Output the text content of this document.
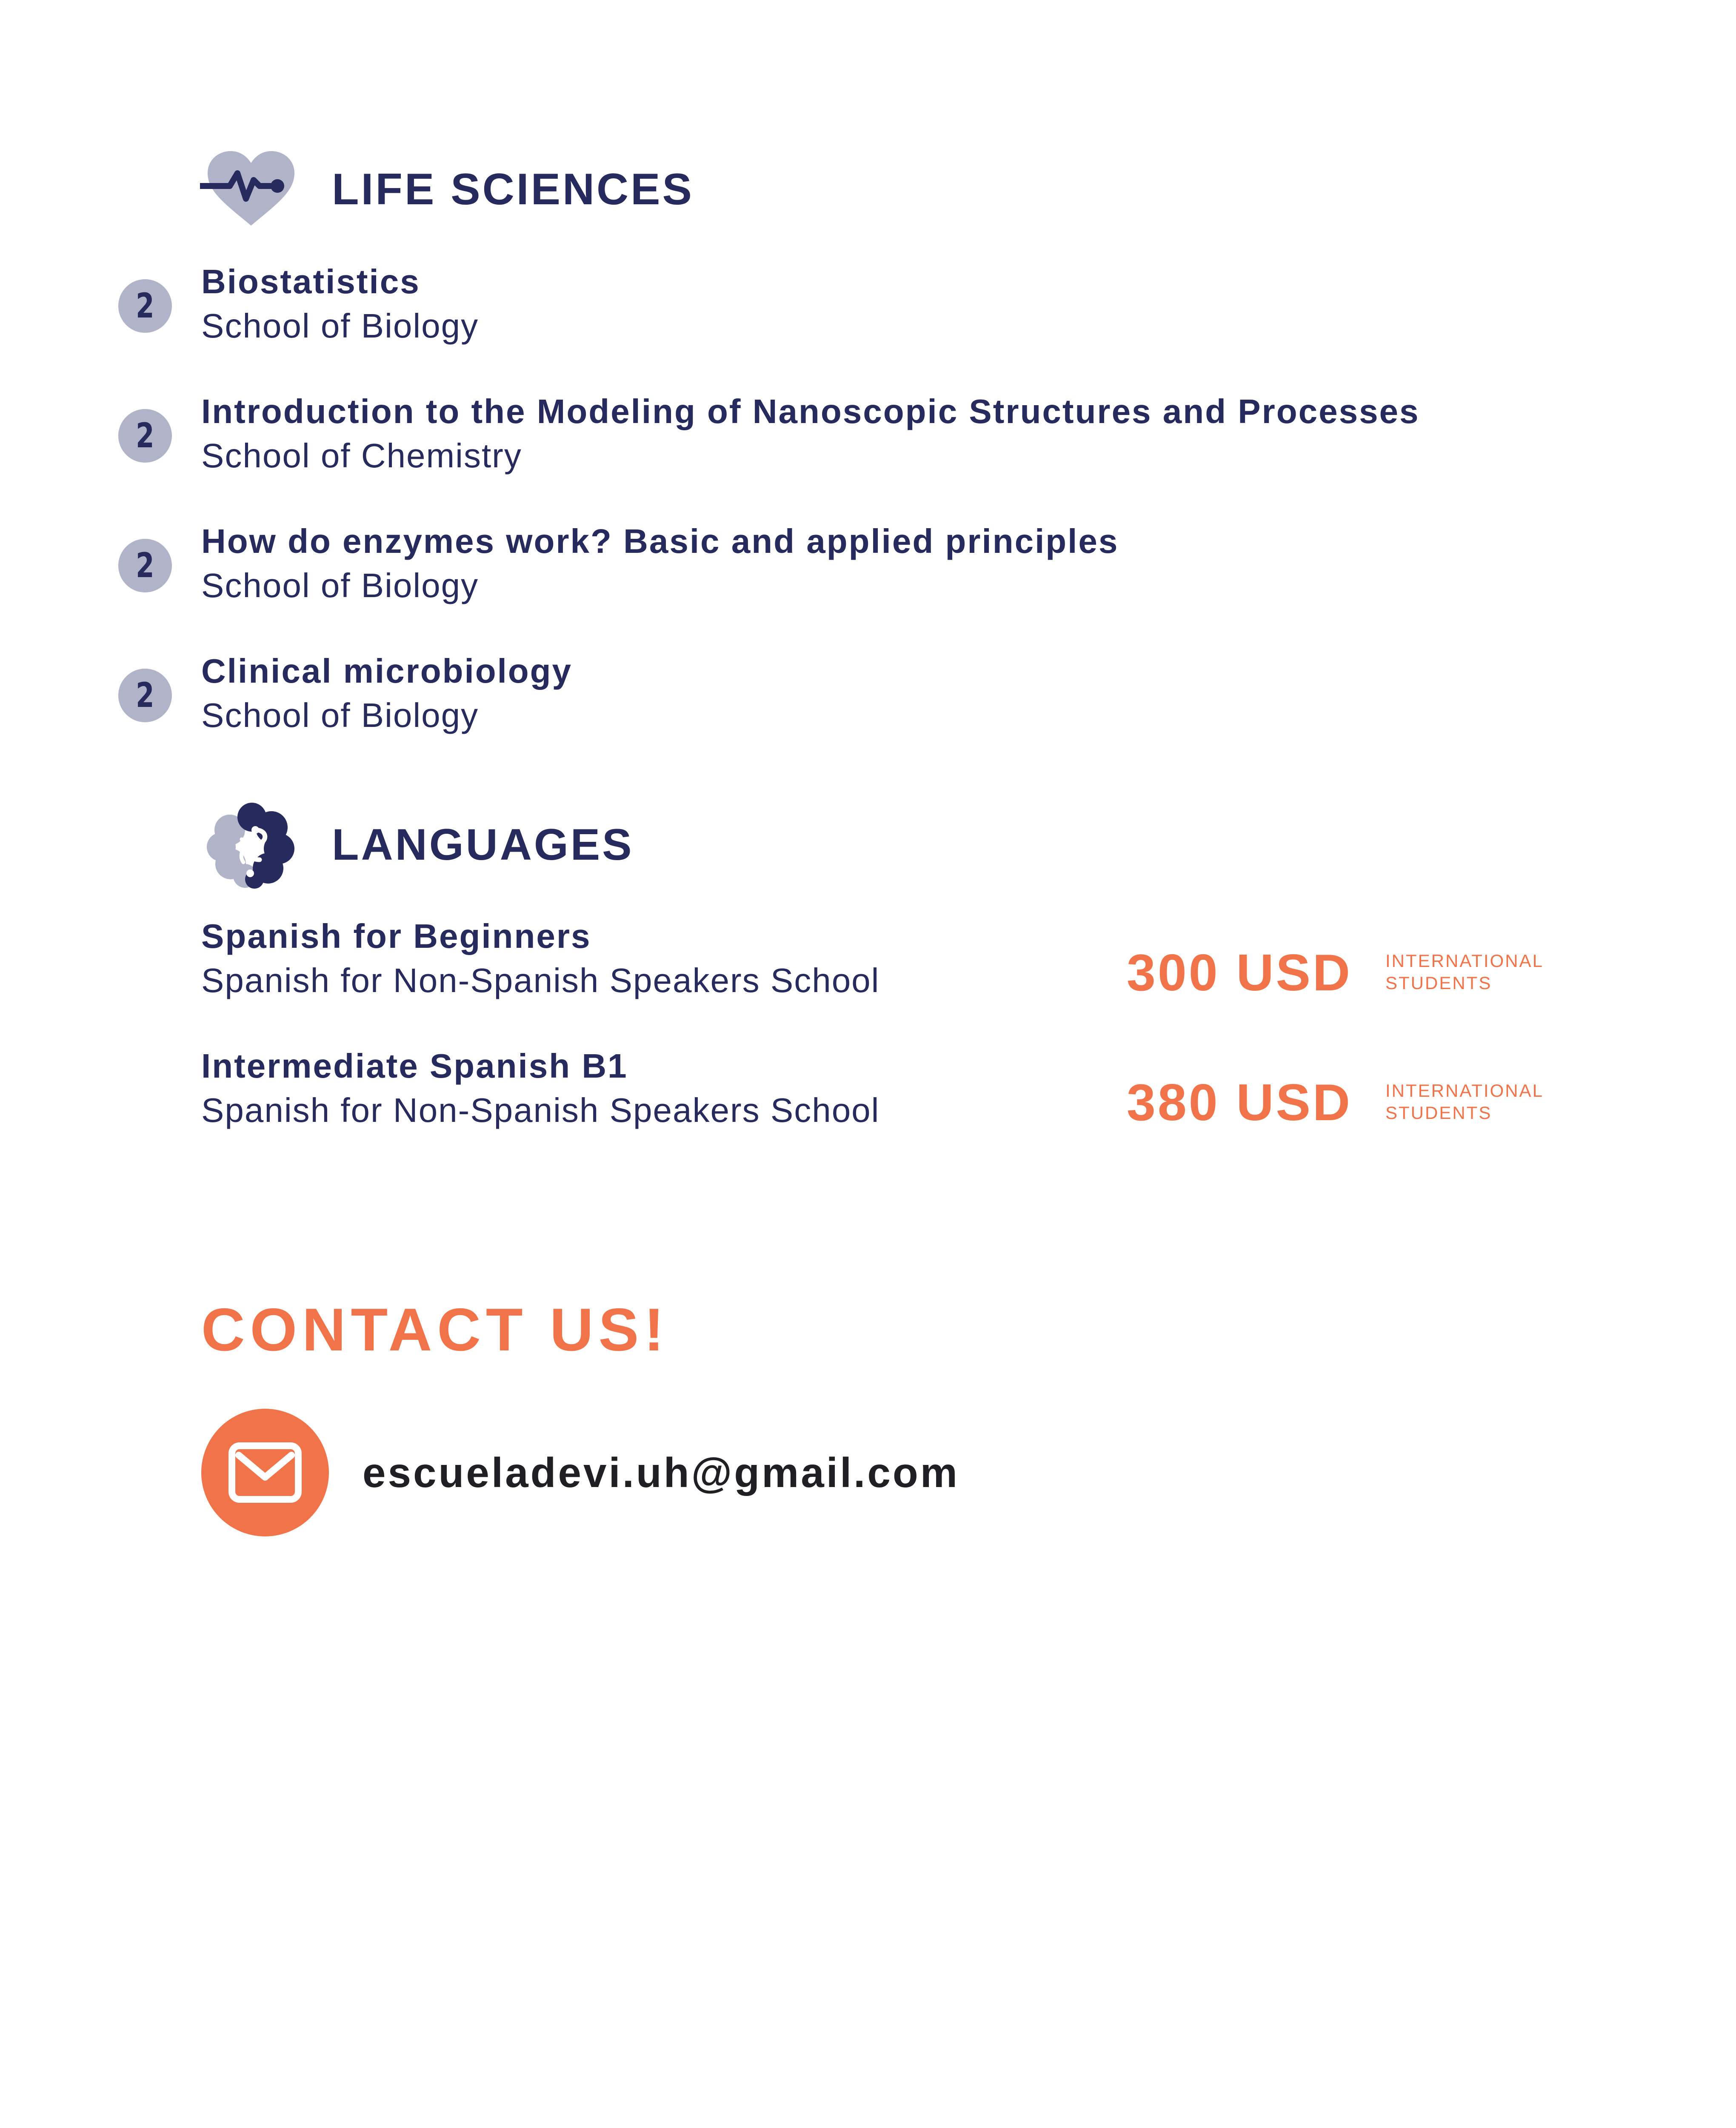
LIFE SCIENCES
2
Biostatistics
School of Biology
2
Introduction to the Modeling of Nanoscopic Structures and Processes
School of Chemistry
2
How do enzymes work? Basic and applied principles
School of Biology
2
Clinical microbiology
School of Biology
LANGUAGES
Spanish for Beginners
Spanish for Non-Spanish Speakers School	300 USD INTERNATIONAL
STUDENTS
Intermediate Spanish B1
Spanish for Non-Spanish Speakers School	380 USD INTERNATIONAL
STUDENTS
CONTACT US!
escueladevi.uh@gmail.com
